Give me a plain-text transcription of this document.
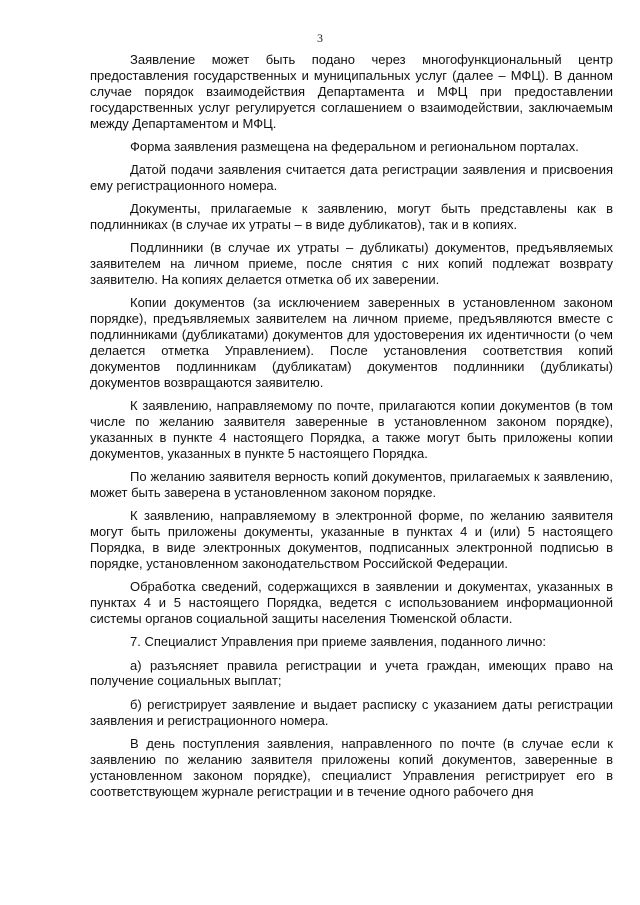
3

Заявление может быть подано через многофункциональный центр предоставления государственных и муниципальных услуг (далее – МФЦ). В данном случае порядок взаимодействия Департамента и МФЦ при предоставлении государственных услуг регулируется соглашением о взаимодействии, заключаемым между Департаментом и МФЦ.

Форма заявления размещена на федеральном и региональном порталах.

Датой подачи заявления считается дата регистрации заявления и присвоения ему регистрационного номера.

Документы, прилагаемые к заявлению, могут быть представлены как в подлинниках (в случае их утраты – в виде дубликатов), так и в копиях.

Подлинники (в случае их утраты – дубликаты) документов, предъявляемых заявителем на личном приеме, после снятия с них копий подлежат возврату заявителю. На копиях делается отметка об их заверении.

Копии документов (за исключением заверенных в установленном законом порядке), предъявляемых заявителем на личном приеме, предъявляются вместе с подлинниками (дубликатами) документов для удостоверения их идентичности (о чем делается отметка Управлением). После установления соответствия копий документов подлинникам (дубликатам) документов подлинники (дубликаты) документов возвращаются заявителю.

К заявлению, направляемому по почте, прилагаются копии документов (в том числе по желанию заявителя заверенные в установленном законом порядке), указанных в пункте 4 настоящего Порядка, а также могут быть приложены копии документов, указанных в пункте 5 настоящего Порядка.

По желанию заявителя верность копий документов, прилагаемых к заявлению, может быть заверена в установленном законом порядке.

К заявлению, направляемому в электронной форме, по желанию заявителя могут быть приложены документы, указанные в пунктах 4 и (или) 5 настоящего Порядка, в виде электронных документов, подписанных электронной подписью в порядке, установленном законодательством Российской Федерации.

Обработка сведений, содержащихся в заявлении и документах, указанных в пунктах 4 и 5 настоящего Порядка, ведется с использованием информационной системы органов социальной защиты населения Тюменской области.

7. Специалист Управления при приеме заявления, поданного лично:

а) разъясняет правила регистрации и учета граждан, имеющих право на получение социальных выплат;

б) регистрирует заявление и выдает расписку с указанием даты регистрации заявления и регистрационного номера.

В день поступления заявления, направленного по почте (в случае если к заявлению по желанию заявителя приложены копий документов, заверенные в установленном законом порядке), специалист Управления регистрирует его в соответствующем журнале регистрации и в течение одного рабочего дня
